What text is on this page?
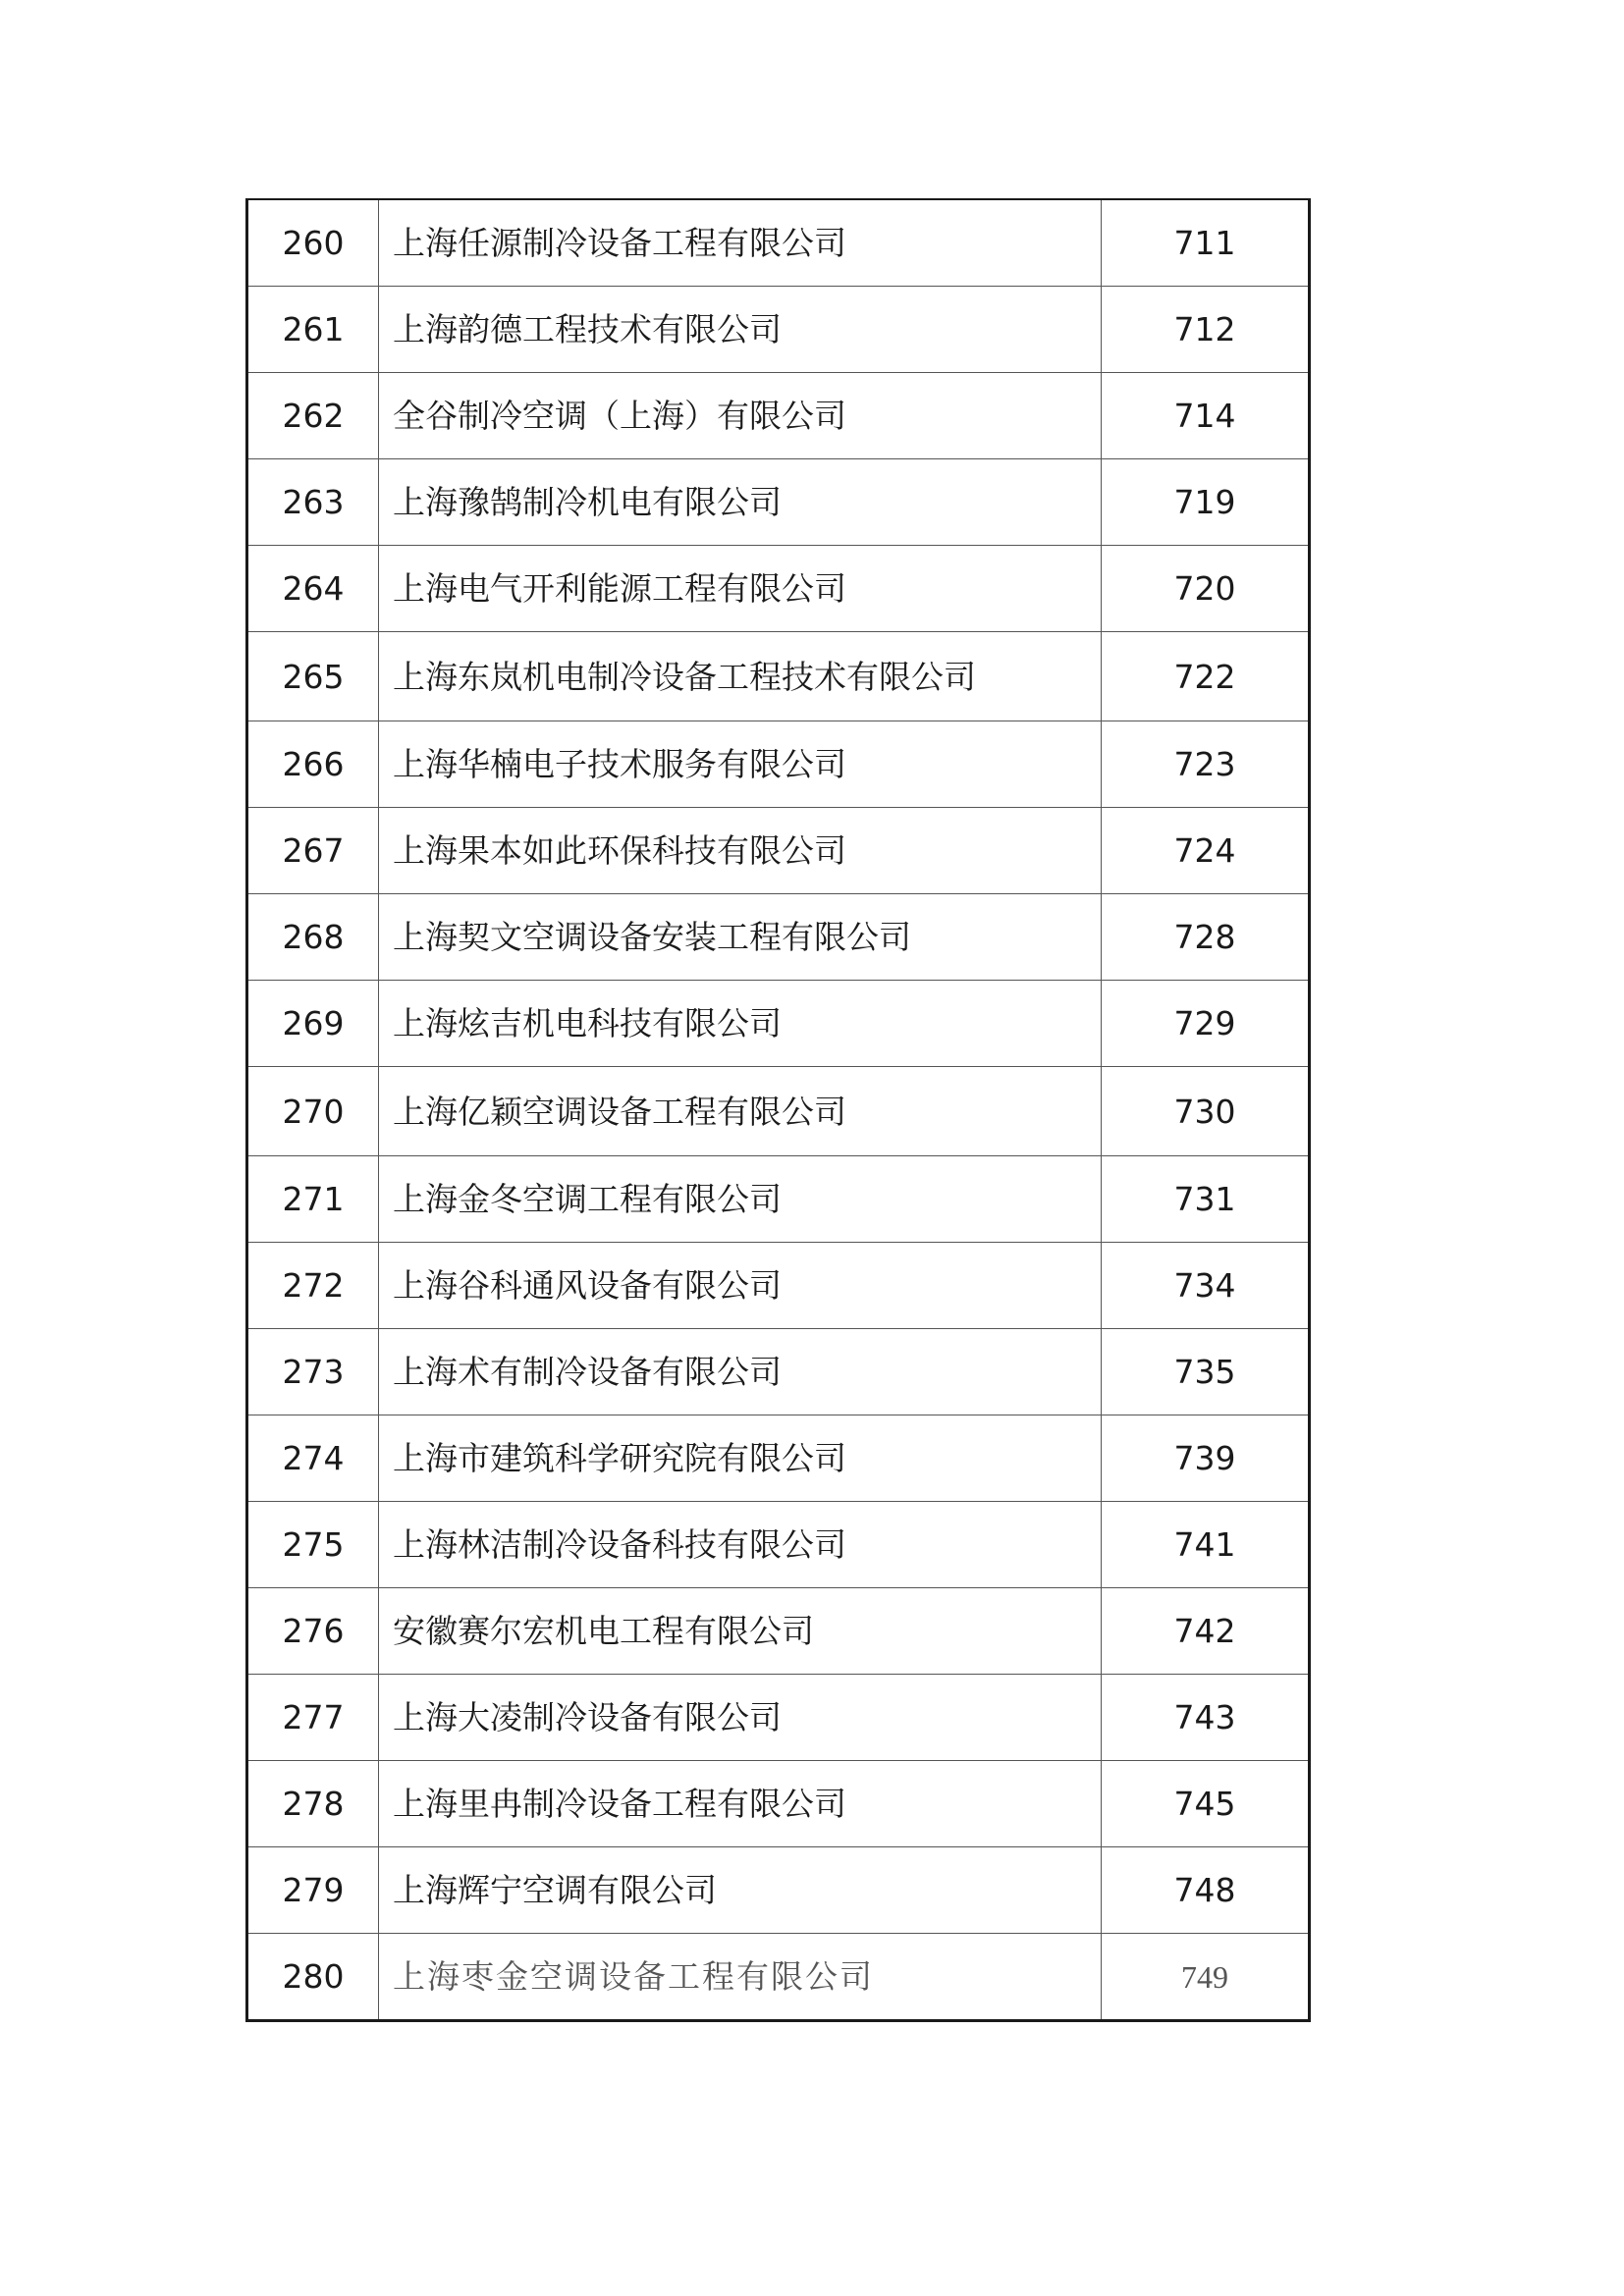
260	上海任源制冷设备工程有限公司	711
261	上海韵德工程技术有限公司	712
262	全谷制冷空调（上海）有限公司	714
263	上海豫鹄制冷机电有限公司	719
264	上海电气开利能源工程有限公司	720
265	上海东岚机电制冷设备工程技术有限公司	722
266	上海华楠电子技术服务有限公司	723
267	上海果本如此环保科技有限公司	724
268	上海契文空调设备安装工程有限公司	728
269	上海炫吉机电科技有限公司	729
270	上海亿颖空调设备工程有限公司	730
271	上海金冬空调工程有限公司	731
272	上海谷科通风设备有限公司	734
273	上海术有制冷设备有限公司	735
274	上海市建筑科学研究院有限公司	739
275	上海林洁制冷设备科技有限公司	741
276	安徽赛尔宏机电工程有限公司	742
277	上海大凌制冷设备有限公司	743
278	上海里冉制冷设备工程有限公司	745
279	上海辉宁空调有限公司	748
280	上海枣金空调设备工程有限公司	749
